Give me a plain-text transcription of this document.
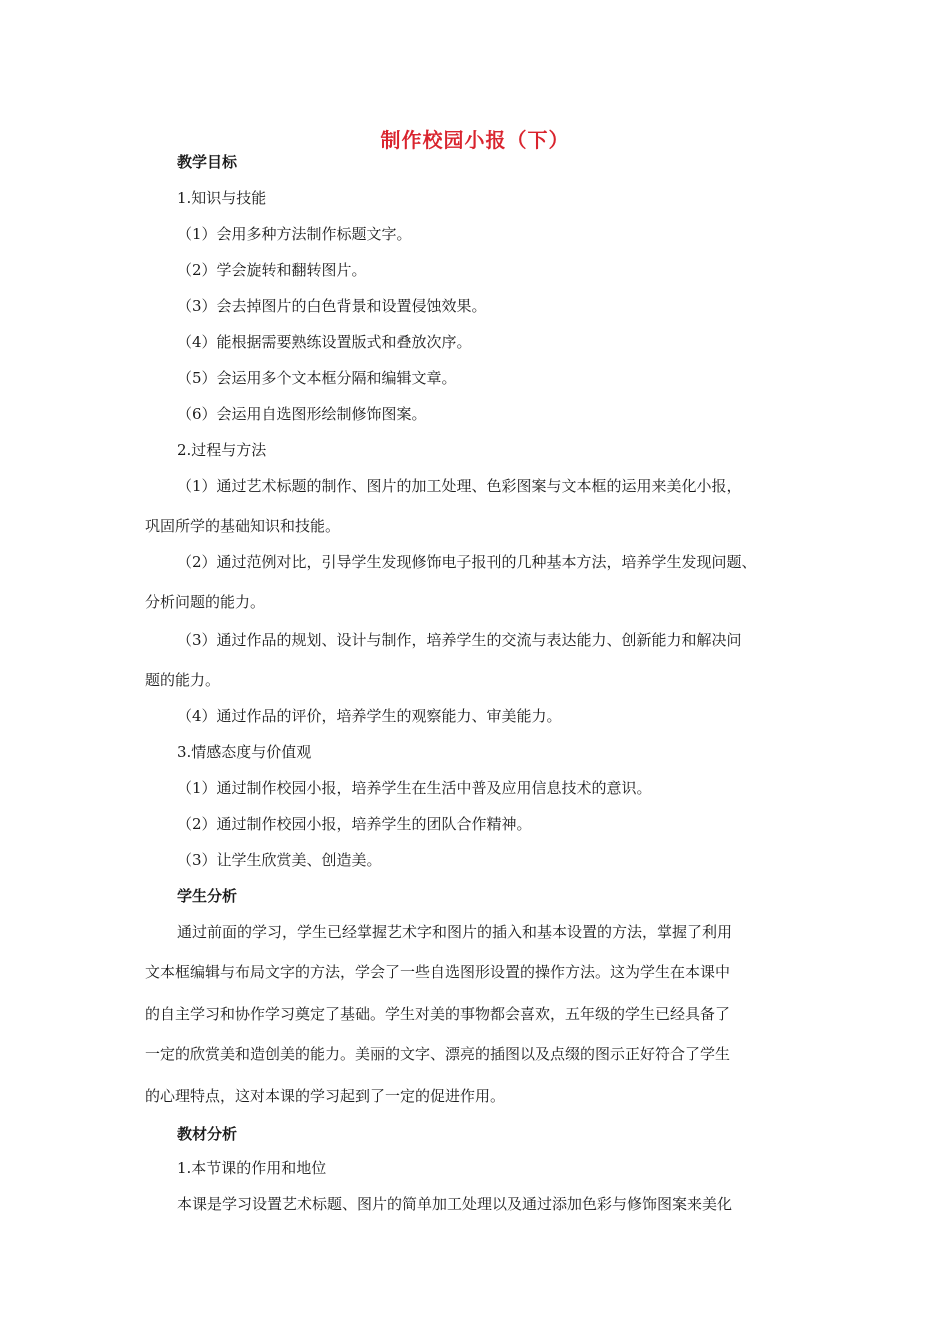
制作校园小报（下）
教学目标
1.知识与技能
（1）会用多种方法制作标题文字。
（2）学会旋转和翻转图片。
（3）会去掉图片的白色背景和设置侵蚀效果。
（4）能根据需要熟练设置版式和叠放次序。
（5）会运用多个文本框分隔和编辑文章。
（6）会运用自选图形绘制修饰图案。
2.过程与方法
（1）通过艺术标题的制作、图片的加工处理、色彩图案与文本框的运用来美化小报，
巩固所学的基础知识和技能。
（2）通过范例对比，引导学生发现修饰电子报刊的几种基本方法，培养学生发现问题、
分析问题的能力。
（3）通过作品的规划、设计与制作，培养学生的交流与表达能力、创新能力和解决问
题的能力。
（4）通过作品的评价，培养学生的观察能力、审美能力。
3.情感态度与价值观
（1）通过制作校园小报，培养学生在生活中普及应用信息技术的意识。
（2）通过制作校园小报，培养学生的团队合作精神。
（3）让学生欣赏美、创造美。
学生分析
通过前面的学习，学生已经掌握艺术字和图片的插入和基本设置的方法，掌握了利用
文本框编辑与布局文字的方法，学会了一些自选图形设置的操作方法。这为学生在本课中
的自主学习和协作学习奠定了基础。学生对美的事物都会喜欢，五年级的学生已经具备了
一定的欣赏美和造创美的能力。美丽的文字、漂亮的插图以及点缀的图示正好符合了学生
的心理特点，这对本课的学习起到了一定的促进作用。
教材分析
1.本节课的作用和地位
本课是学习设置艺术标题、图片的简单加工处理以及通过添加色彩与修饰图案来美化
